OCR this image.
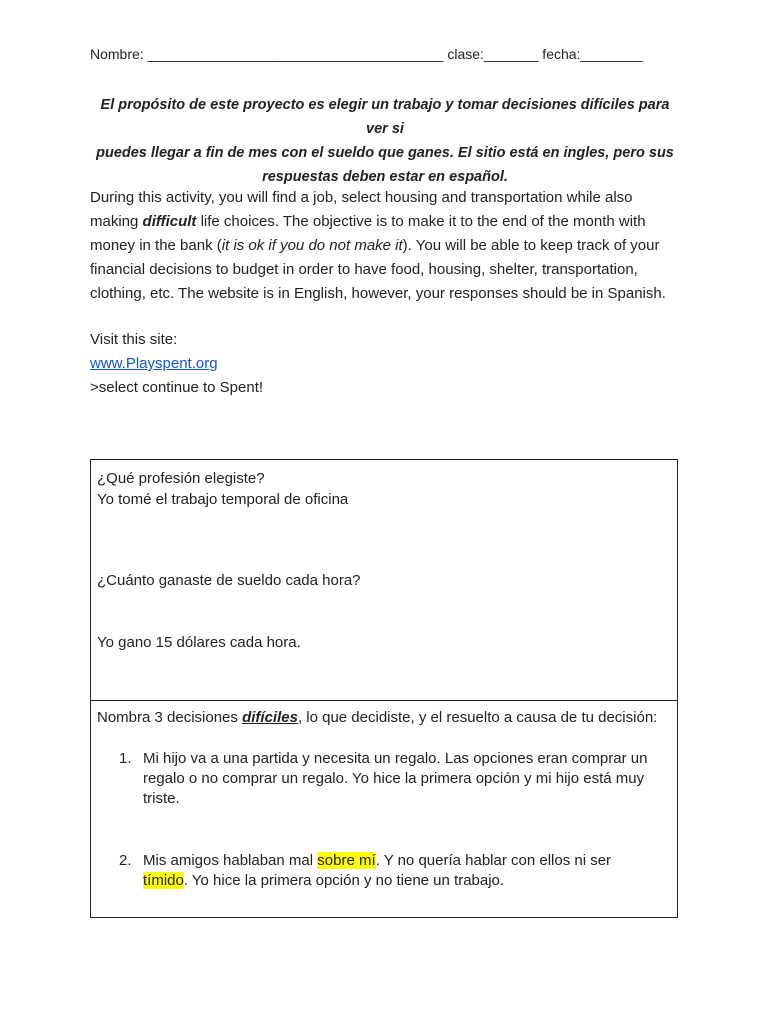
Nombre: ______________________________________ clase:_______ fecha:________
El propósito de este proyecto es elegir un trabajo y tomar decisiones difíciles para ver si
puedes llegar a fin de mes con el sueldo que ganes. El sitio está en ingles, pero sus
respuestas deben estar en español.
During this activity, you will find a job, select housing and transportation while also making difficult life choices. The objective is to make it to the end of the month with money in the bank (it is ok if you do not make it). You will be able to keep track of your financial decisions to budget in order to have food, housing, shelter, transportation, clothing, etc. The website is in English, however, your responses should be in Spanish.
Visit this site:
www.Playspent.org
>select continue to Spent!
¿Qué profesión elegiste?
Yo tomé el trabajo temporal de oficina
¿Cuánto ganaste de sueldo cada hora?
Yo gano 15 dólares cada hora.
Nombra 3 decisiones difíciles, lo que decidiste, y el resuelto a causa de tu decisión:
1. Mi hijo va a una partida y necesita un regalo. Las opciones eran comprar un regalo o no comprar un regalo. Yo hice la primera opción y mi hijo está muy triste.
2. Mis amigos hablaban mal sobre mí. Y no quería hablar con ellos ni ser tímido. Yo hice la primera opción y no tiene un trabajo.
